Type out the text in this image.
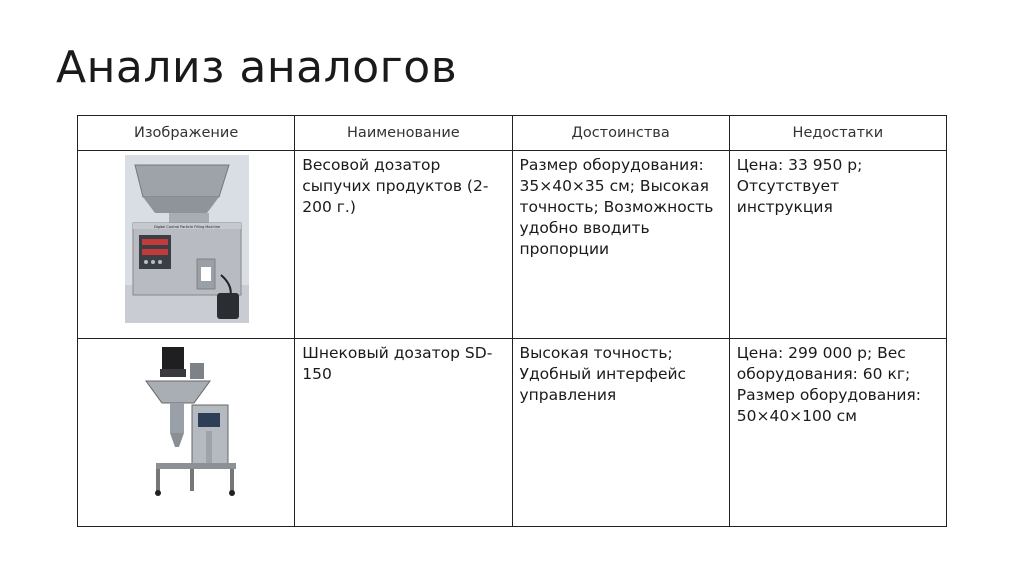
Анализ аналогов
Изображение	Наименование	Достоинства	Недостатки

Digital Control Particle Filling Machine	Весовой дозатор сыпучих продуктов (2-200 г.)	Размер оборудования: 35×40×35 см; Высокая точность; Возможность удобно вводить пропорции	Цена: 33 950 р; Отсутствует инструкция

	Шнековый дозатор SD-150	Высокая точность; Удобный интерфейс управления	Цена: 299 000 р; Вес оборудования: 60 кг; Размер оборудования: 50×40×100 см
